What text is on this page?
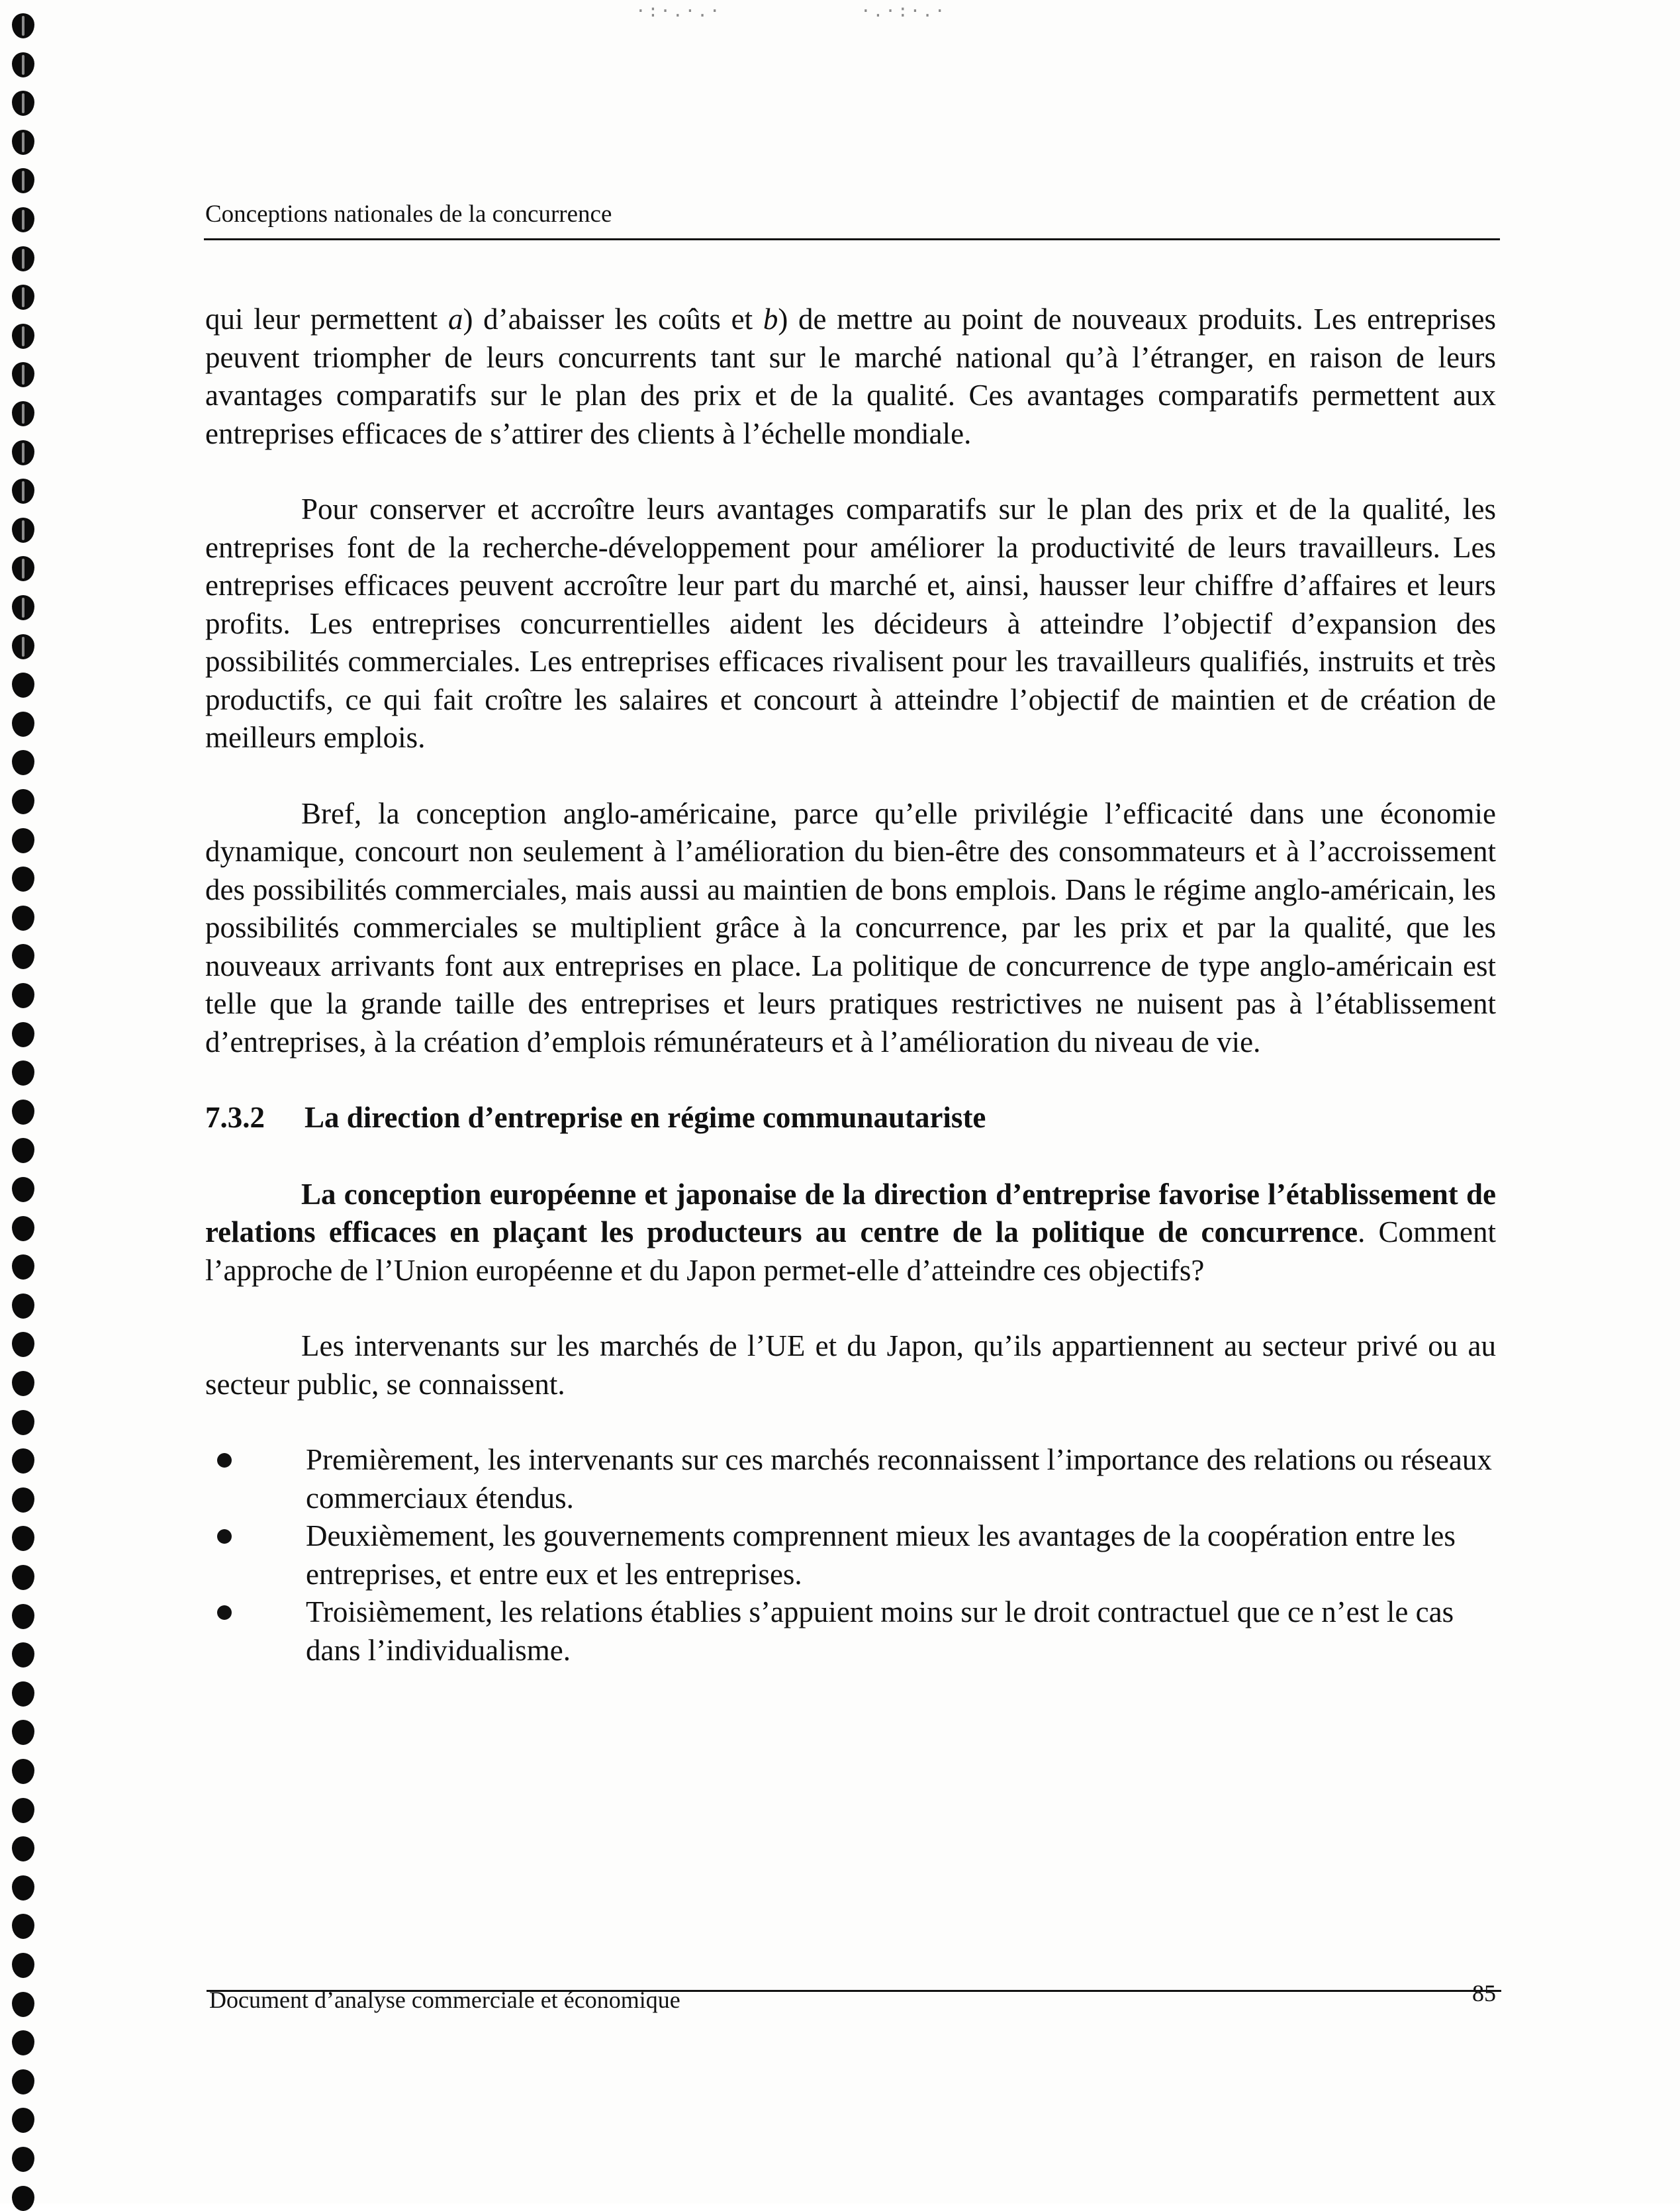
·:·.·.·	·.·:·.·
Conceptions nationales de la concurrence

qui leur permettent a) d’abaisser les coûts et b) de mettre au point de nouveaux produits. Les entreprises peuvent triompher de leurs concurrents tant sur le marché national qu’à l’étranger, en raison de leurs avantages comparatifs sur le plan des prix et de la qualité. Ces avantages comparatifs permettent aux entreprises efficaces de s’attirer des clients à l’échelle mondiale.

Pour conserver et accroître leurs avantages comparatifs sur le plan des prix et de la qualité, les entreprises font de la recherche-développement pour améliorer la productivité de leurs travailleurs. Les entreprises efficaces peuvent accroître leur part du marché et, ainsi, hausser leur chiffre d’affaires et leurs profits. Les entreprises concurrentielles aident les décideurs à atteindre l’objectif d’expansion des possibilités commerciales. Les entreprises efficaces rivalisent pour les travailleurs qualifiés, instruits et très productifs, ce qui fait croître les salaires et concourt à atteindre l’objectif de maintien et de création de meilleurs emplois.

Bref, la conception anglo-américaine, parce qu’elle privilégie l’efficacité dans une économie dynamique, concourt non seulement à l’amélioration du bien-être des consommateurs et à l’accroissement des possibilités commerciales, mais aussi au maintien de bons emplois. Dans le régime anglo-américain, les possibilités commerciales se multiplient grâce à la concurrence, par les prix et par la qualité, que les nouveaux arrivants font aux entreprises en place. La politique de concurrence de type anglo-américain est telle que la grande taille des entreprises et leurs pratiques restrictives ne nuisent pas à l’établissement d’entreprises, à la création d’emplois rémunérateurs et à l’amélioration du niveau de vie.

7.3.2 La direction d’entreprise en régime communautariste

La conception européenne et japonaise de la direction d’entreprise favorise l’établissement de relations efficaces en plaçant les producteurs au centre de la politique de concurrence. Comment l’approche de l’Union européenne et du Japon permet-elle d’atteindre ces objectifs?

Les intervenants sur les marchés de l’UE et du Japon, qu’ils appartiennent au secteur privé ou au secteur public, se connaissent.

Premièrement, les intervenants sur ces marchés reconnaissent l’importance des relations ou réseaux commerciaux étendus.
Deuxièmement, les gouvernements comprennent mieux les avantages de la coopération entre les entreprises, et entre eux et les entreprises.
Troisièmement, les relations établies s’appuient moins sur le droit contractuel que ce n’est le cas dans l’individualisme.
Document d’analyse commerciale et économique	85
